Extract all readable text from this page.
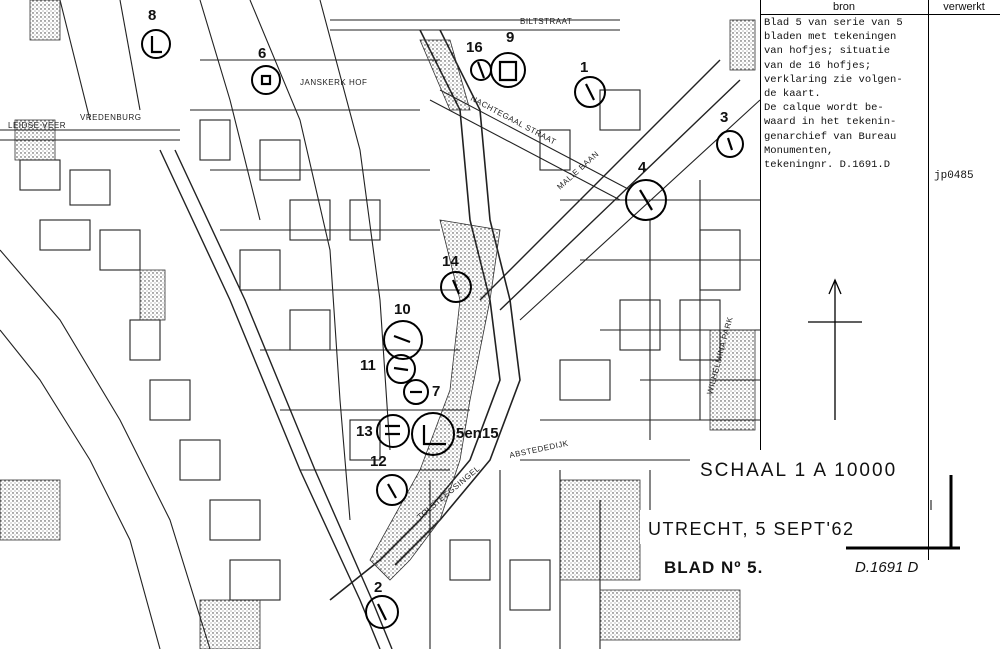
BILTSTRAAT
MALIE BAAN
NACHTEGAAL STRAAT
LEIDSE VEER
JANSKERK HOF
WILHELMINA PARK
TOLSTEEGSINGEL
ABSTEDEDIJK
VREDENBURG
8
6	16
9
1
3
4
14
10
11
7
13	5en15
12
2
bron	verwerkt
Blad 5 van serie van 5
bladen met tekeningen
van hofjes; situatie
van de 16 hofjes;
verklaring zie volgen-
de kaart.
De calque wordt be-
waard in het tekenin-
genarchief van Bureau
Monumenten,
tekeningnr. D.1691.D
jp0485
SCHAAL 1 A 10000
UTRECHT, 5 SEPT'62
BLAD Nº 5.	D.1691 D
